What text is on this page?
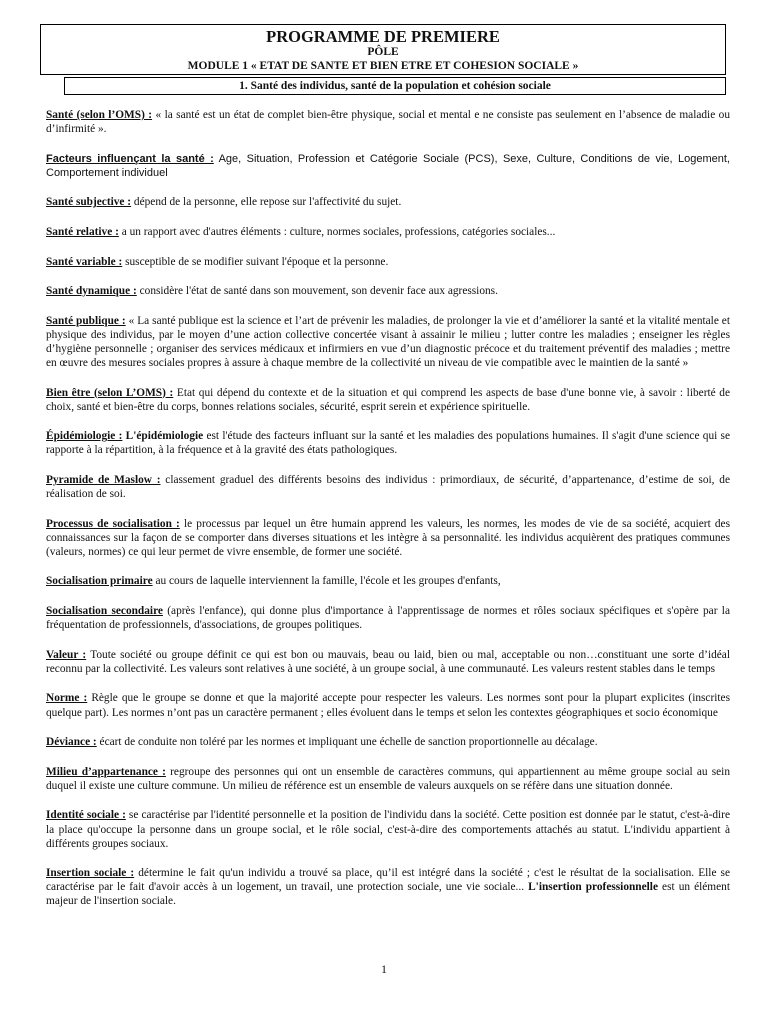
PROGRAMME DE PREMIERE
PÔLE
MODULE 1 « ETAT DE SANTE ET BIEN ETRE ET COHESION SOCIALE »
1. Santé des individus, santé de la population et cohésion sociale

Santé (selon l’OMS) : « la santé est un état de complet bien-être physique, social et mental e ne consiste pas seulement en l’absence de maladie ou d’infirmité ».

Facteurs influençant la santé : Age, Situation, Profession et Catégorie Sociale (PCS), Sexe, Culture, Conditions de vie, Logement, Comportement individuel

Santé subjective : dépend de la personne, elle repose sur l'affectivité du sujet.

Santé relative : a un rapport avec d'autres éléments : culture, normes sociales, professions, catégories sociales...

Santé variable : susceptible de se modifier suivant l'époque et la personne.

Santé dynamique : considère l'état de santé dans son mouvement, son devenir face aux agressions.

Santé publique : « La santé publique est la science et l’art de prévenir les maladies, de prolonger la vie et d’améliorer la santé et la vitalité mentale et physique des individus, par le moyen d’une action collective concertée visant à assainir le milieu ; lutter contre les maladies ; enseigner les règles d’hygiène personnelle ; organiser des services médicaux et infirmiers en vue d’un diagnostic précoce et du traitement préventif des maladies ; mettre en œuvre des mesures sociales propres à assure à chaque membre de la collectivité un niveau de vie compatible avec le maintien de la santé »

Bien être (selon L’OMS) : Etat qui dépend du contexte et de la situation et qui comprend les aspects de base d'une bonne vie, à savoir : liberté de choix, santé et bien-être du corps, bonnes relations sociales, sécurité, esprit serein et expérience spirituelle.

Épidémiologie : L'épidémiologie est l'étude des facteurs influant sur la santé et les maladies des populations humaines. Il s'agit d'une science qui se rapporte à la répartition, à la fréquence et à la gravité des états pathologiques.

Pyramide de Maslow : classement graduel des différents besoins des individus : primordiaux, de sécurité, d’appartenance, d’estime de soi, de réalisation de soi.

Processus de socialisation : le processus par lequel un être humain apprend les valeurs, les normes, les modes de vie de sa société, acquiert des connaissances sur la façon de se comporter dans diverses situations et les intègre à sa personnalité. les individus acquièrent des pratiques communes (valeurs, normes) ce qui leur permet de vivre ensemble, de former une société.

Socialisation primaire au cours de laquelle interviennent la famille, l'école et les groupes d'enfants,

Socialisation secondaire (après l'enfance), qui donne plus d'importance à l'apprentissage de normes et rôles sociaux spécifiques et s'opère par la fréquentation de professionnels, d'associations, de groupes politiques.

Valeur : Toute société ou groupe définit ce qui est bon ou mauvais, beau ou laid, bien ou mal, acceptable ou non…constituant une sorte d’idéal reconnu par la collectivité. Les valeurs sont relatives à une société, à un groupe social, à une communauté. Les valeurs restent stables dans le temps

Norme : Règle que le groupe se donne et que la majorité accepte pour respecter les valeurs. Les normes sont pour la plupart explicites (inscrites quelque part). Les normes n’ont pas un caractère permanent ; elles évoluent dans le temps et selon les contextes géographiques et socio économique

Déviance : écart de conduite non toléré par les normes et impliquant une échelle de sanction proportionnelle au décalage.

Milieu d’appartenance : regroupe des personnes qui ont un ensemble de caractères communs, qui appartiennent au même groupe social au sein duquel il existe une culture commune. Un milieu de référence est un ensemble de valeurs auxquels on se réfère dans une situation donnée.

Identité sociale : se caractérise par l'identité personnelle et la position de l'individu dans la société. Cette position est donnée par le statut, c'est-à-dire la place qu'occupe la personne dans un groupe social, et le rôle social, c'est-à-dire des comportements attachés au statut. L'individu appartient à différents groupes sociaux.

Insertion sociale : détermine le fait qu'un individu a trouvé sa place, qu’il est intégré dans la société ; c'est le résultat de la socialisation. Elle se caractérise par le fait d'avoir accès à un logement, un travail, une protection sociale, une vie sociale... L'insertion professionnelle est un élément majeur de l'insertion sociale.

1
